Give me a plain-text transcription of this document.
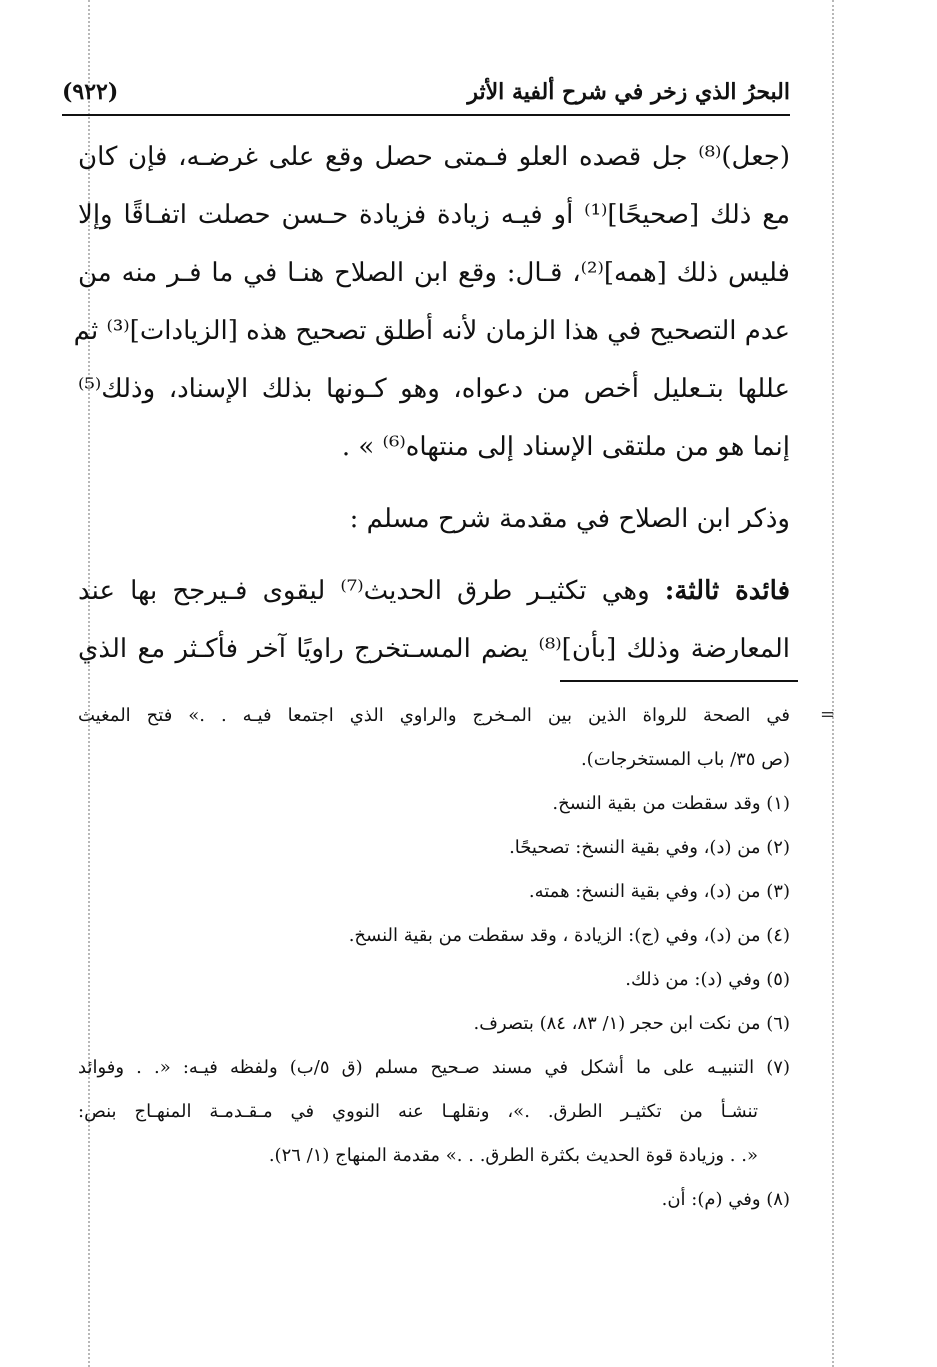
(٩٢٢)	البحرُ الذي زخر في شرح ألفية الأثر
(جعل)⁽⁸⁾ جل قصده العلو فـمتى حصل وقع على غرضـه، فإن كان
مع ذلك [صحيحًا]⁽¹⁾ أو فيـه زيادة فزيادة حـسن حصلت اتفـاقًا وإلا
فليس ذلك [همه]⁽²⁾، قـال: وقع ابن الصلاح هنـا في ما فـر منه من
عدم التصحيح في هذا الزمان لأنه أطلق تصحيح هذه [الزيادات]⁽³⁾ ثم
عللها بتـعليل أخص من دعواه، وهو كـونها بذلك الإسناد، وذلك⁽⁵⁾
إنما هو من ملتقى الإسناد إلى منتهاه⁽⁶⁾ » .
وذكر ابن الصلاح في مقدمة شرح مسلم :
فائدة ثالثة: وهي تكثيـر طرق الحديث⁽⁷⁾ ليقوى فـيرجح بها عند
المعارضة وذلك [بأن]⁽⁸⁾ يضم المسـتخرج راويًا آخر فأكـثر مع الذي
=
في الصحة للرواة الذين بين المـخرج والراوي الذي اجتمعا فيـه . .» فتح المغيث
(ص ٣٥/ باب المستخرجات).
(١) وقد سقطت من بقية النسخ.
(٢) من (د)، وفي بقية النسخ: تصحيحًا.
(٣) من (د)، وفي بقية النسخ: همته.
(٤) من (د)، وفي (ج): الزيادة ، وقد سقطت من بقية النسخ.
(٥) وفي (د): من ذلك.
(٦) من نكت ابن حجر (١/ ٨٣، ٨٤) بتصرف.
(٧) التنبيـه على ما أشكل في مسند صـحيح مسلم (ق ٥/ب) ولفظه فيـه: «. . وفوائد
تنشـأ من تكثيـر الطرق. .»، ونقلهـا عنه النووي في مـقـدمـة المنهـاج بنص:
«. . وزيادة قوة الحديث بكثرة الطرق. . .» مقدمة المنهاج (١/ ٢٦).
(٨) وفي (م): أن.
